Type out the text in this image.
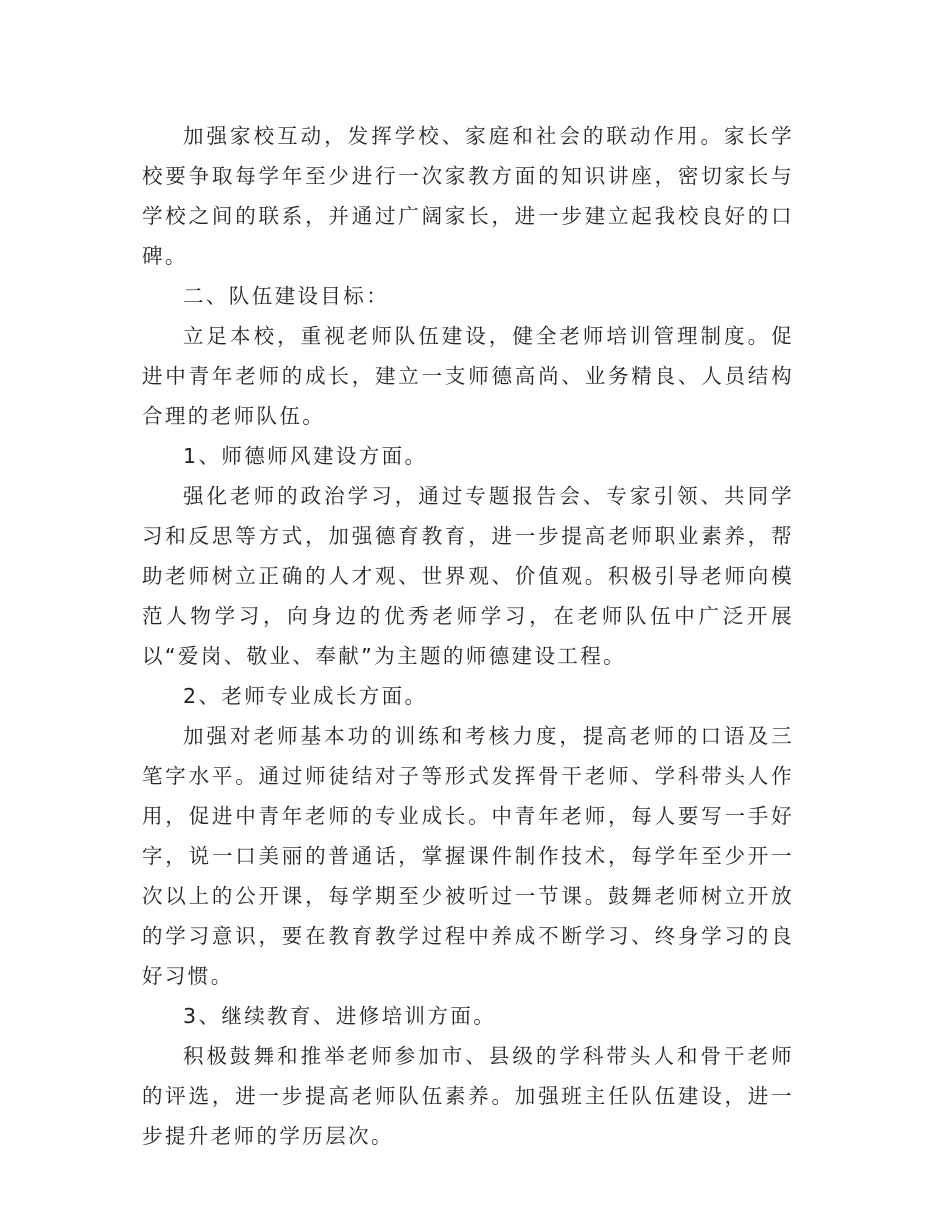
加强家校互动，发挥学校、家庭和社会的联动作用。家长学校要争取每学年至少进行一次家教方面的知识讲座，密切家长与学校之间的联系，并通过广阔家长，进一步建立起我校良好的口碑。

二、队伍建设目标：

立足本校，重视老师队伍建设，健全老师培训管理制度。促进中青年老师的成长，建立一支师德高尚、业务精良、人员结构合理的老师队伍。

1、师德师风建设方面。

强化老师的政治学习，通过专题报告会、专家引领、共同学习和反思等方式，加强德育教育，进一步提高老师职业素养，帮助老师树立正确的人才观、世界观、价值观。积极引导老师向模范人物学习，向身边的优秀老师学习，在老师队伍中广泛开展以“爱岗、敬业、奉献”为主题的师德建设工程。

2、老师专业成长方面。

加强对老师基本功的训练和考核力度，提高老师的口语及三笔字水平。通过师徒结对子等形式发挥骨干老师、学科带头人作用，促进中青年老师的专业成长。中青年老师，每人要写一手好字，说一口美丽的普通话，掌握课件制作技术，每学年至少开一次以上的公开课，每学期至少被听过一节课。鼓舞老师树立开放的学习意识，要在教育教学过程中养成不断学习、终身学习的良好习惯。

3、继续教育、进修培训方面。

积极鼓舞和推举老师参加市、县级的学科带头人和骨干老师的评选，进一步提高老师队伍素养。加强班主任队伍建设，进一步提升老师的学历层次。
